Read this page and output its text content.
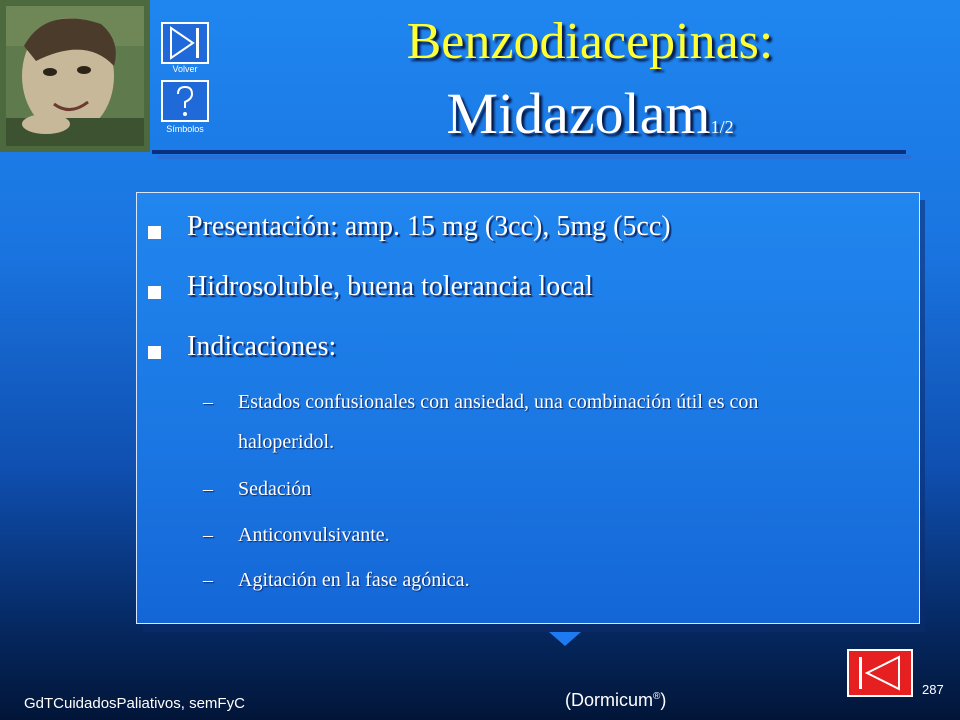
Volver
Símbolos
Benzodiacepinas:
Midazolam1/2
Presentación: amp. 15 mg (3cc), 5mg (5cc)
Hidrosoluble, buena tolerancia local
Indicaciones:
– Estados confusionales con ansiedad, una combinación útil es con
haloperidol.
– Sedación
– Anticonvulsivante.
– Agitación en la fase agónica.
GdTCuidadosPaliativos, semFyC	(Dormicum®)
287
